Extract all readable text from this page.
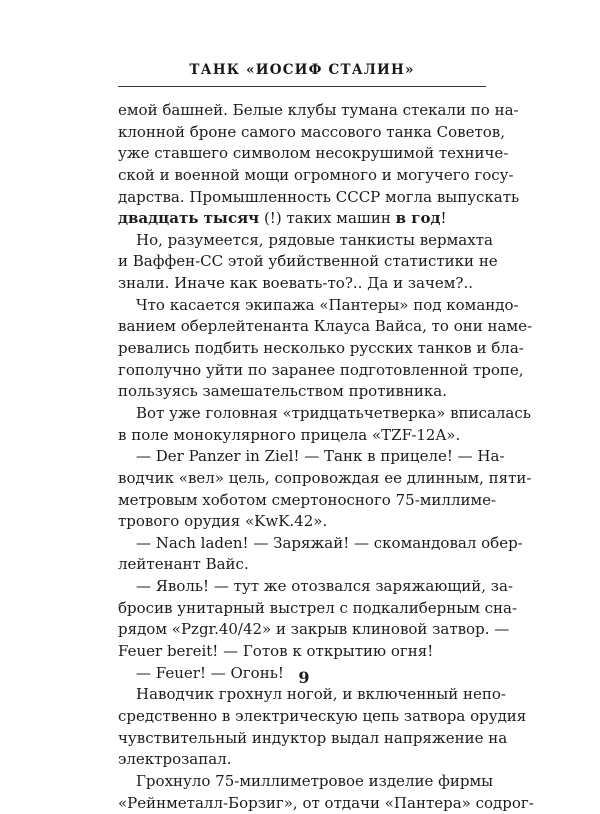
ТАНК «ИОСИФ СТАЛИН»
емой башней. Белые клубы тумана стекали по на-
клонной броне самого массового танка Советов,
уже ставшего символом несокрушимой техниче-
ской и военной мощи огромного и могучего госу-
дарства. Промышленность СССР могла выпускать
двадцать тысяч (!) таких машин в год!
Но, разумеется, рядовые танкисты вермахта
и Ваффен-СС этой убийственной статистики не
знали. Иначе как воевать-то?.. Да и зачем?..
Что касается экипажа «Пантеры» под командо-
ванием оберлейтенанта Клауса Вайса, то они наме-
ревались подбить несколько русских танков и бла-
гополучно уйти по заранее подготовленной тропе,
пользуясь замешательством противника.
Вот уже головная «тридцатьчетверка» вписалась
в поле монокулярного прицела «TZF-12A».
— Der Panzer in Ziel! — Танк в прицеле! — На-
водчик «вел» цель, сопровождая ее длинным, пяти-
метровым хоботом смертоносного 75-миллиме-
трового орудия «KwK.42».
— Nach laden! — Заряжай! — скомандовал обер-
лейтенант Вайс.
— Яволь! — тут же отозвался заряжающий, за-
бросив унитарный выстрел с подкалиберным сна-
рядом «Pzgr.40/42» и закрыв клиновой затвор. —
Feuer bereit! — Готов к открытию огня!
— Feuer! — Огонь!
Наводчик грохнул ногой, и включенный непо-
средственно в электрическую цепь затвора орудия
чувствительный индуктор выдал напряжение на
электрозапал.
Грохнуло 75-миллиметровое изделие фирмы
«Рейнметалл-Борзиг», от отдачи «Пантера» содрог-
9
